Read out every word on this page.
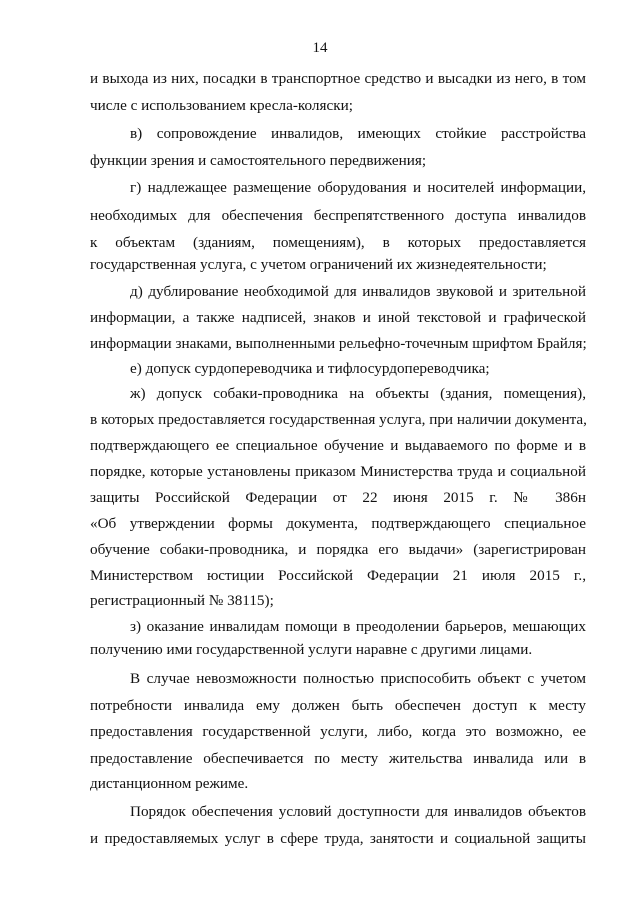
14
и выхода из них, посадки в транспортное средство и высадки из него, в том
числе с использованием кресла-коляски;
в) сопровождение инвалидов, имеющих стойкие расстройства
функции зрения и самостоятельного передвижения;
г) надлежащее размещение оборудования и носителей информации,
необходимых для обеспечения беспрепятственного доступа инвалидов
к объектам (зданиям, помещениям), в которых предоставляется
государственная услуга, с учетом ограничений их жизнедеятельности;
д) дублирование необходимой для инвалидов звуковой и зрительной
информации, а также надписей, знаков и иной текстовой и графической
информации знаками, выполненными рельефно-точечным шрифтом Брайля;
е) допуск сурдопереводчика и тифлосурдопереводчика;
ж) допуск собаки-проводника на объекты (здания, помещения),
в которых предоставляется государственная услуга, при наличии документа,
подтверждающего ее специальное обучение и выдаваемого по форме и в
порядке, которые установлены приказом Министерства труда и социальной
защиты Российской Федерации от 22 июня 2015 г. № 386н
«Об утверждении формы документа, подтверждающего специальное
обучение собаки-проводника, и порядка его выдачи» (зарегистрирован
Министерством юстиции Российской Федерации 21 июля 2015 г.,
регистрационный № 38115);
з) оказание инвалидам помощи в преодолении барьеров, мешающих
получению ими государственной услуги наравне с другими лицами.
В случае невозможности полностью приспособить объект с учетом
потребности инвалида ему должен быть обеспечен доступ к месту
предоставления государственной услуги, либо, когда это возможно, ее
предоставление обеспечивается по месту жительства инвалида или в
дистанционном режиме.
Порядок обеспечения условий доступности для инвалидов объектов
и предоставляемых услуг в сфере труда, занятости и социальной защиты
